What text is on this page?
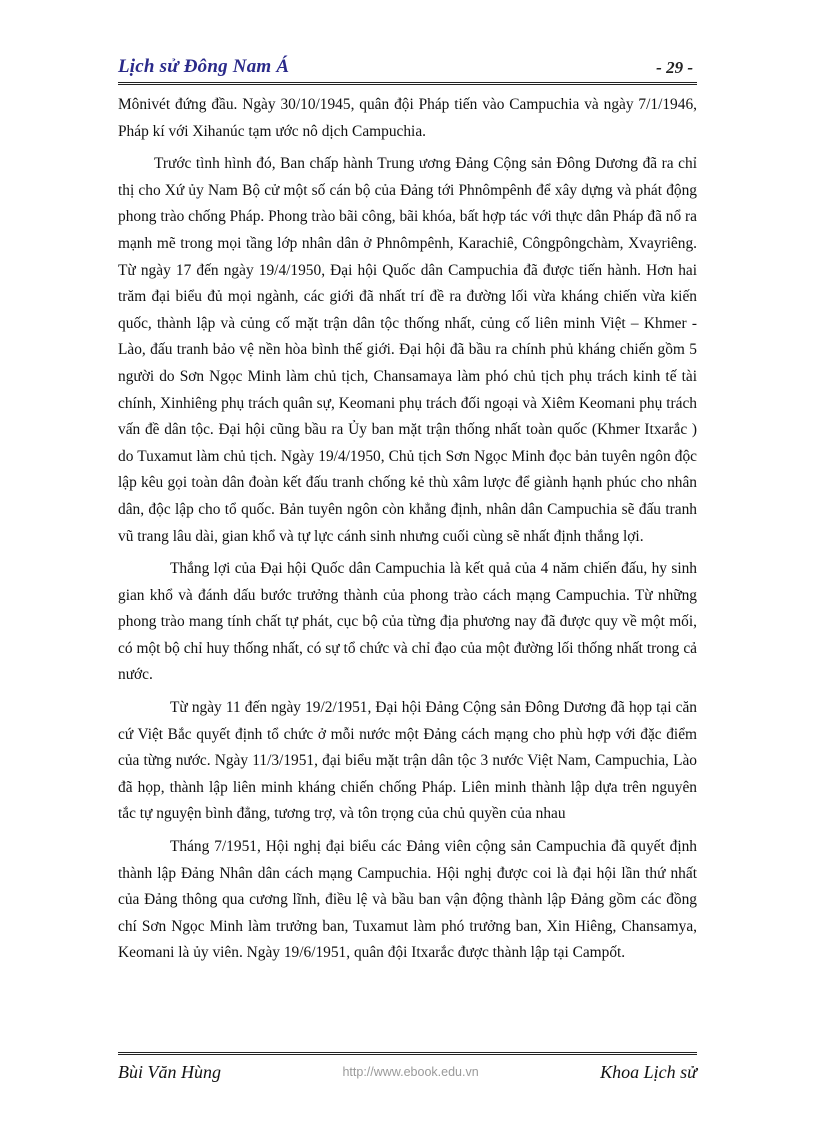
Lịch sử Đông Nam Á	- 29 -

Mônivét đứng đầu. Ngày 30/10/1945, quân đội Pháp tiến vào Campuchia và ngày 7/1/1946, Pháp kí với Xihanúc tạm ước nô dịch Campuchia.

Trước tình hình đó, Ban chấp hành Trung ương Đảng Cộng sản Đông Dương đã ra chỉ thị cho Xứ ủy Nam Bộ cử một số cán bộ của Đảng tới Phnômpênh để xây dựng và phát động phong trào chống Pháp. Phong trào bãi công, bãi khóa, bất hợp tác với thực dân Pháp đã nổ ra mạnh mẽ trong mọi tầng lớp nhân dân ở Phnômpênh, Karachiê, Côngpôngchàm, Xvayriêng. Từ ngày 17 đến ngày 19/4/1950, Đại hội Quốc dân Campuchia đã được tiến hành. Hơn hai trăm đại biểu đủ mọi ngành, các giới đã nhất trí đề ra đường lối vừa kháng chiến vừa kiến quốc, thành lập và củng cố mặt trận dân tộc thống nhất, củng cố liên minh Việt – Khmer - Lào, đấu tranh bảo vệ nền hòa bình thế giới. Đại hội đã bầu ra chính phủ kháng chiến gồm 5 người do Sơn Ngọc Minh làm chủ tịch, Chansamaya làm phó chủ tịch phụ trách kinh tế tài chính, Xinhiêng phụ trách quân sự, Keomani phụ trách đối ngoại và Xiêm Keomani phụ trách vấn đề dân tộc. Đại hội cũng bầu ra Ủy ban mặt trận thống nhất toàn quốc (Khmer Itxarắc ) do Tuxamut làm chủ tịch. Ngày 19/4/1950, Chủ tịch Sơn Ngọc Minh đọc bản tuyên ngôn độc lập kêu gọi toàn dân đoàn kết đấu tranh chống kẻ thù xâm lược để giành hạnh phúc cho nhân dân, độc lập cho tổ quốc. Bản tuyên ngôn còn khẳng định, nhân dân Campuchia sẽ đấu tranh vũ trang lâu dài, gian khổ và tự lực cánh sinh nhưng cuối cùng sẽ nhất định thắng lợi.

Thắng lợi của Đại hội Quốc dân Campuchia là kết quả của 4 năm chiến đấu, hy sinh gian khổ và đánh dấu bước trưởng thành của phong trào cách mạng Campuchia. Từ những phong trào mang tính chất tự phát, cục bộ của từng địa phương nay đã được quy về một mối, có một bộ chỉ huy thống nhất, có sự tổ chức và chỉ đạo của một đường lối thống nhất trong cả nước.

Từ ngày 11 đến ngày 19/2/1951, Đại hội Đảng Cộng sản Đông Dương đã họp tại căn cứ Việt Bắc quyết định tổ chức ở mỗi nước một Đảng cách mạng cho phù hợp với đặc điểm của từng nước. Ngày 11/3/1951, đại biểu mặt trận dân tộc 3 nước Việt Nam, Campuchia, Lào đã họp, thành lập liên minh kháng chiến chống Pháp. Liên minh thành lập dựa trên nguyên tắc tự nguyện bình đẳng, tương trợ, và tôn trọng của chủ quyền của nhau

Tháng 7/1951, Hội nghị đại biểu các Đảng viên cộng sản Campuchia đã quyết định thành lập Đảng Nhân dân cách mạng Campuchia. Hội nghị được coi là đại hội lần thứ nhất của Đảng thông qua cương lĩnh, điều lệ và bầu ban vận động thành lập Đảng gồm các đồng chí Sơn Ngọc Minh làm trưởng ban, Tuxamut làm phó trưởng ban, Xin Hiêng, Chansamya, Keomani là ủy viên. Ngày 19/6/1951, quân đội Itxarắc được thành lập tại Campốt.

Bùi Văn Hùng	http://www.ebook.edu.vn	Khoa Lịch sử
